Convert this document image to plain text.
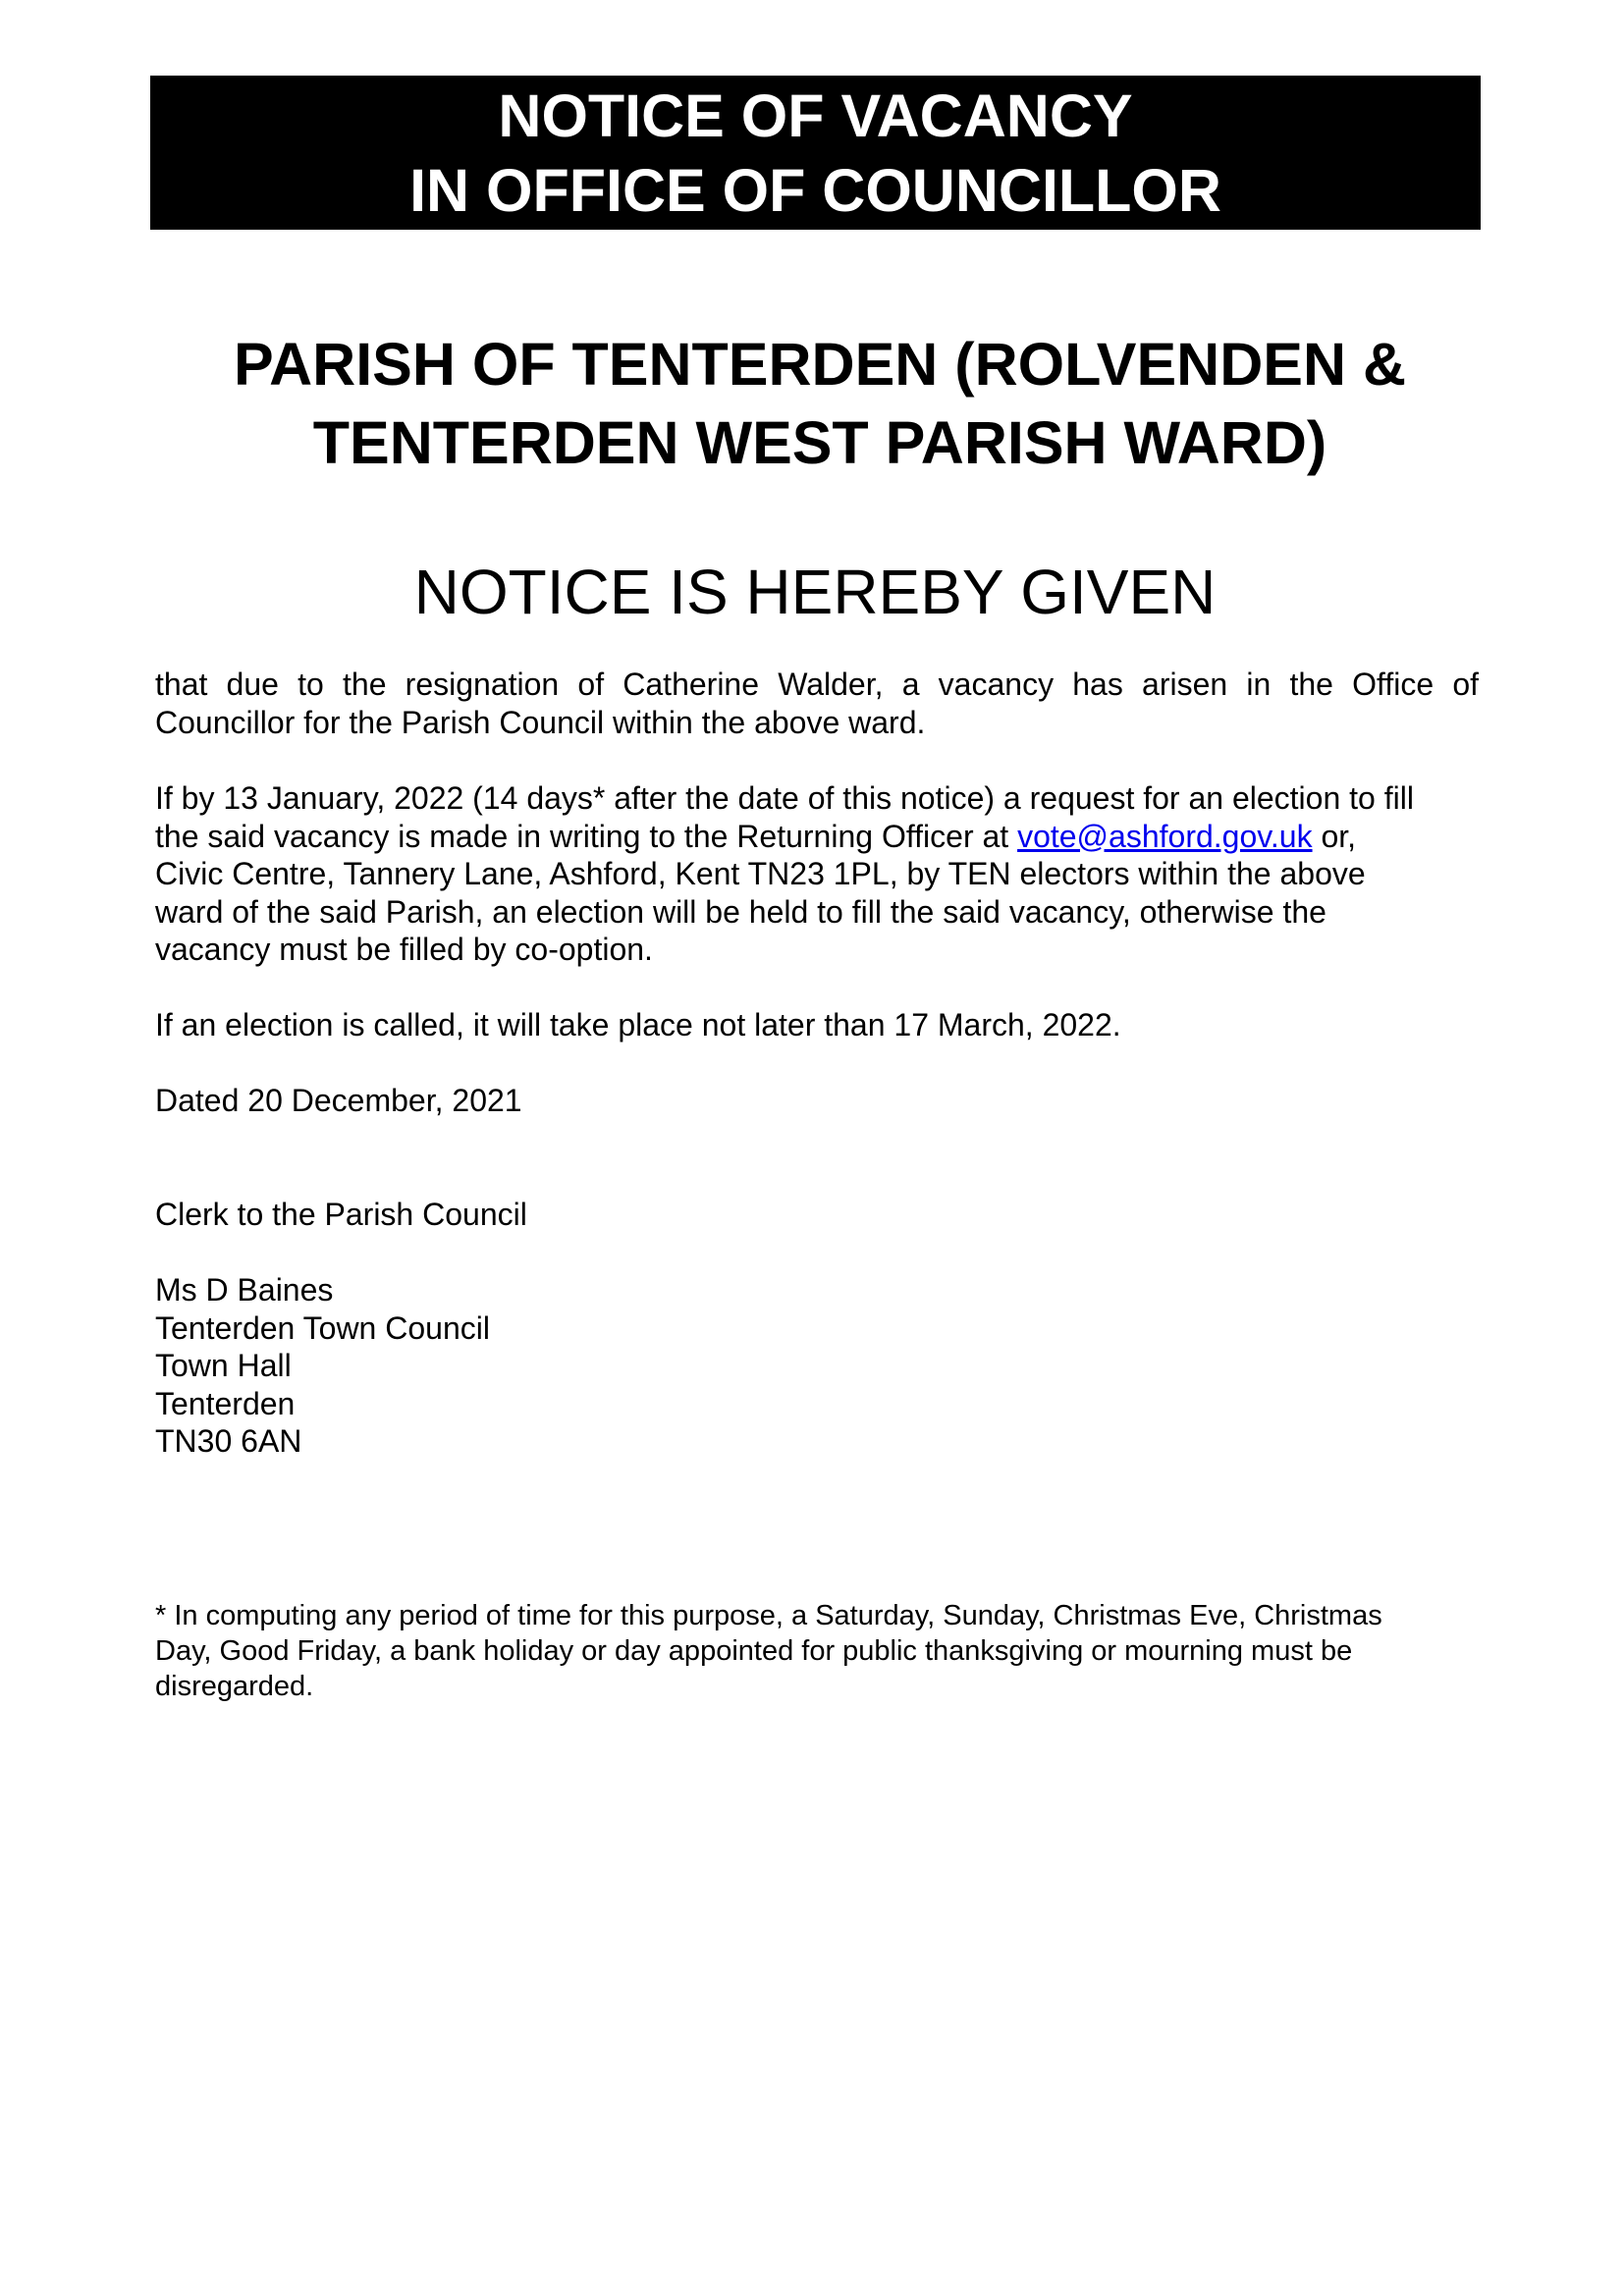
NOTICE OF VACANCY
IN OFFICE OF COUNCILLOR
PARISH OF TENTERDEN (ROLVENDEN &
TENTERDEN WEST PARISH WARD)
NOTICE IS HEREBY GIVEN
that due to the resignation of Catherine Walder, a vacancy has arisen in the Office of
Councillor for the Parish Council within the above ward.
If by 13 January, 2022 (14 days* after the date of this notice) a request for an election to fill
the said vacancy is made in writing to the Returning Officer at vote@ashford.gov.uk or,
Civic Centre, Tannery Lane, Ashford, Kent TN23 1PL, by TEN electors within the above
ward of the said Parish, an election will be held to fill the said vacancy, otherwise the
vacancy must be filled by co-option.
If an election is called, it will take place not later than 17 March, 2022.
Dated 20 December, 2021
Clerk to the Parish Council
Ms D Baines
Tenterden Town Council
Town Hall
Tenterden
TN30 6AN
* In computing any period of time for this purpose, a Saturday, Sunday, Christmas Eve, Christmas
Day, Good Friday, a bank holiday or day appointed for public thanksgiving or mourning must be
disregarded.
